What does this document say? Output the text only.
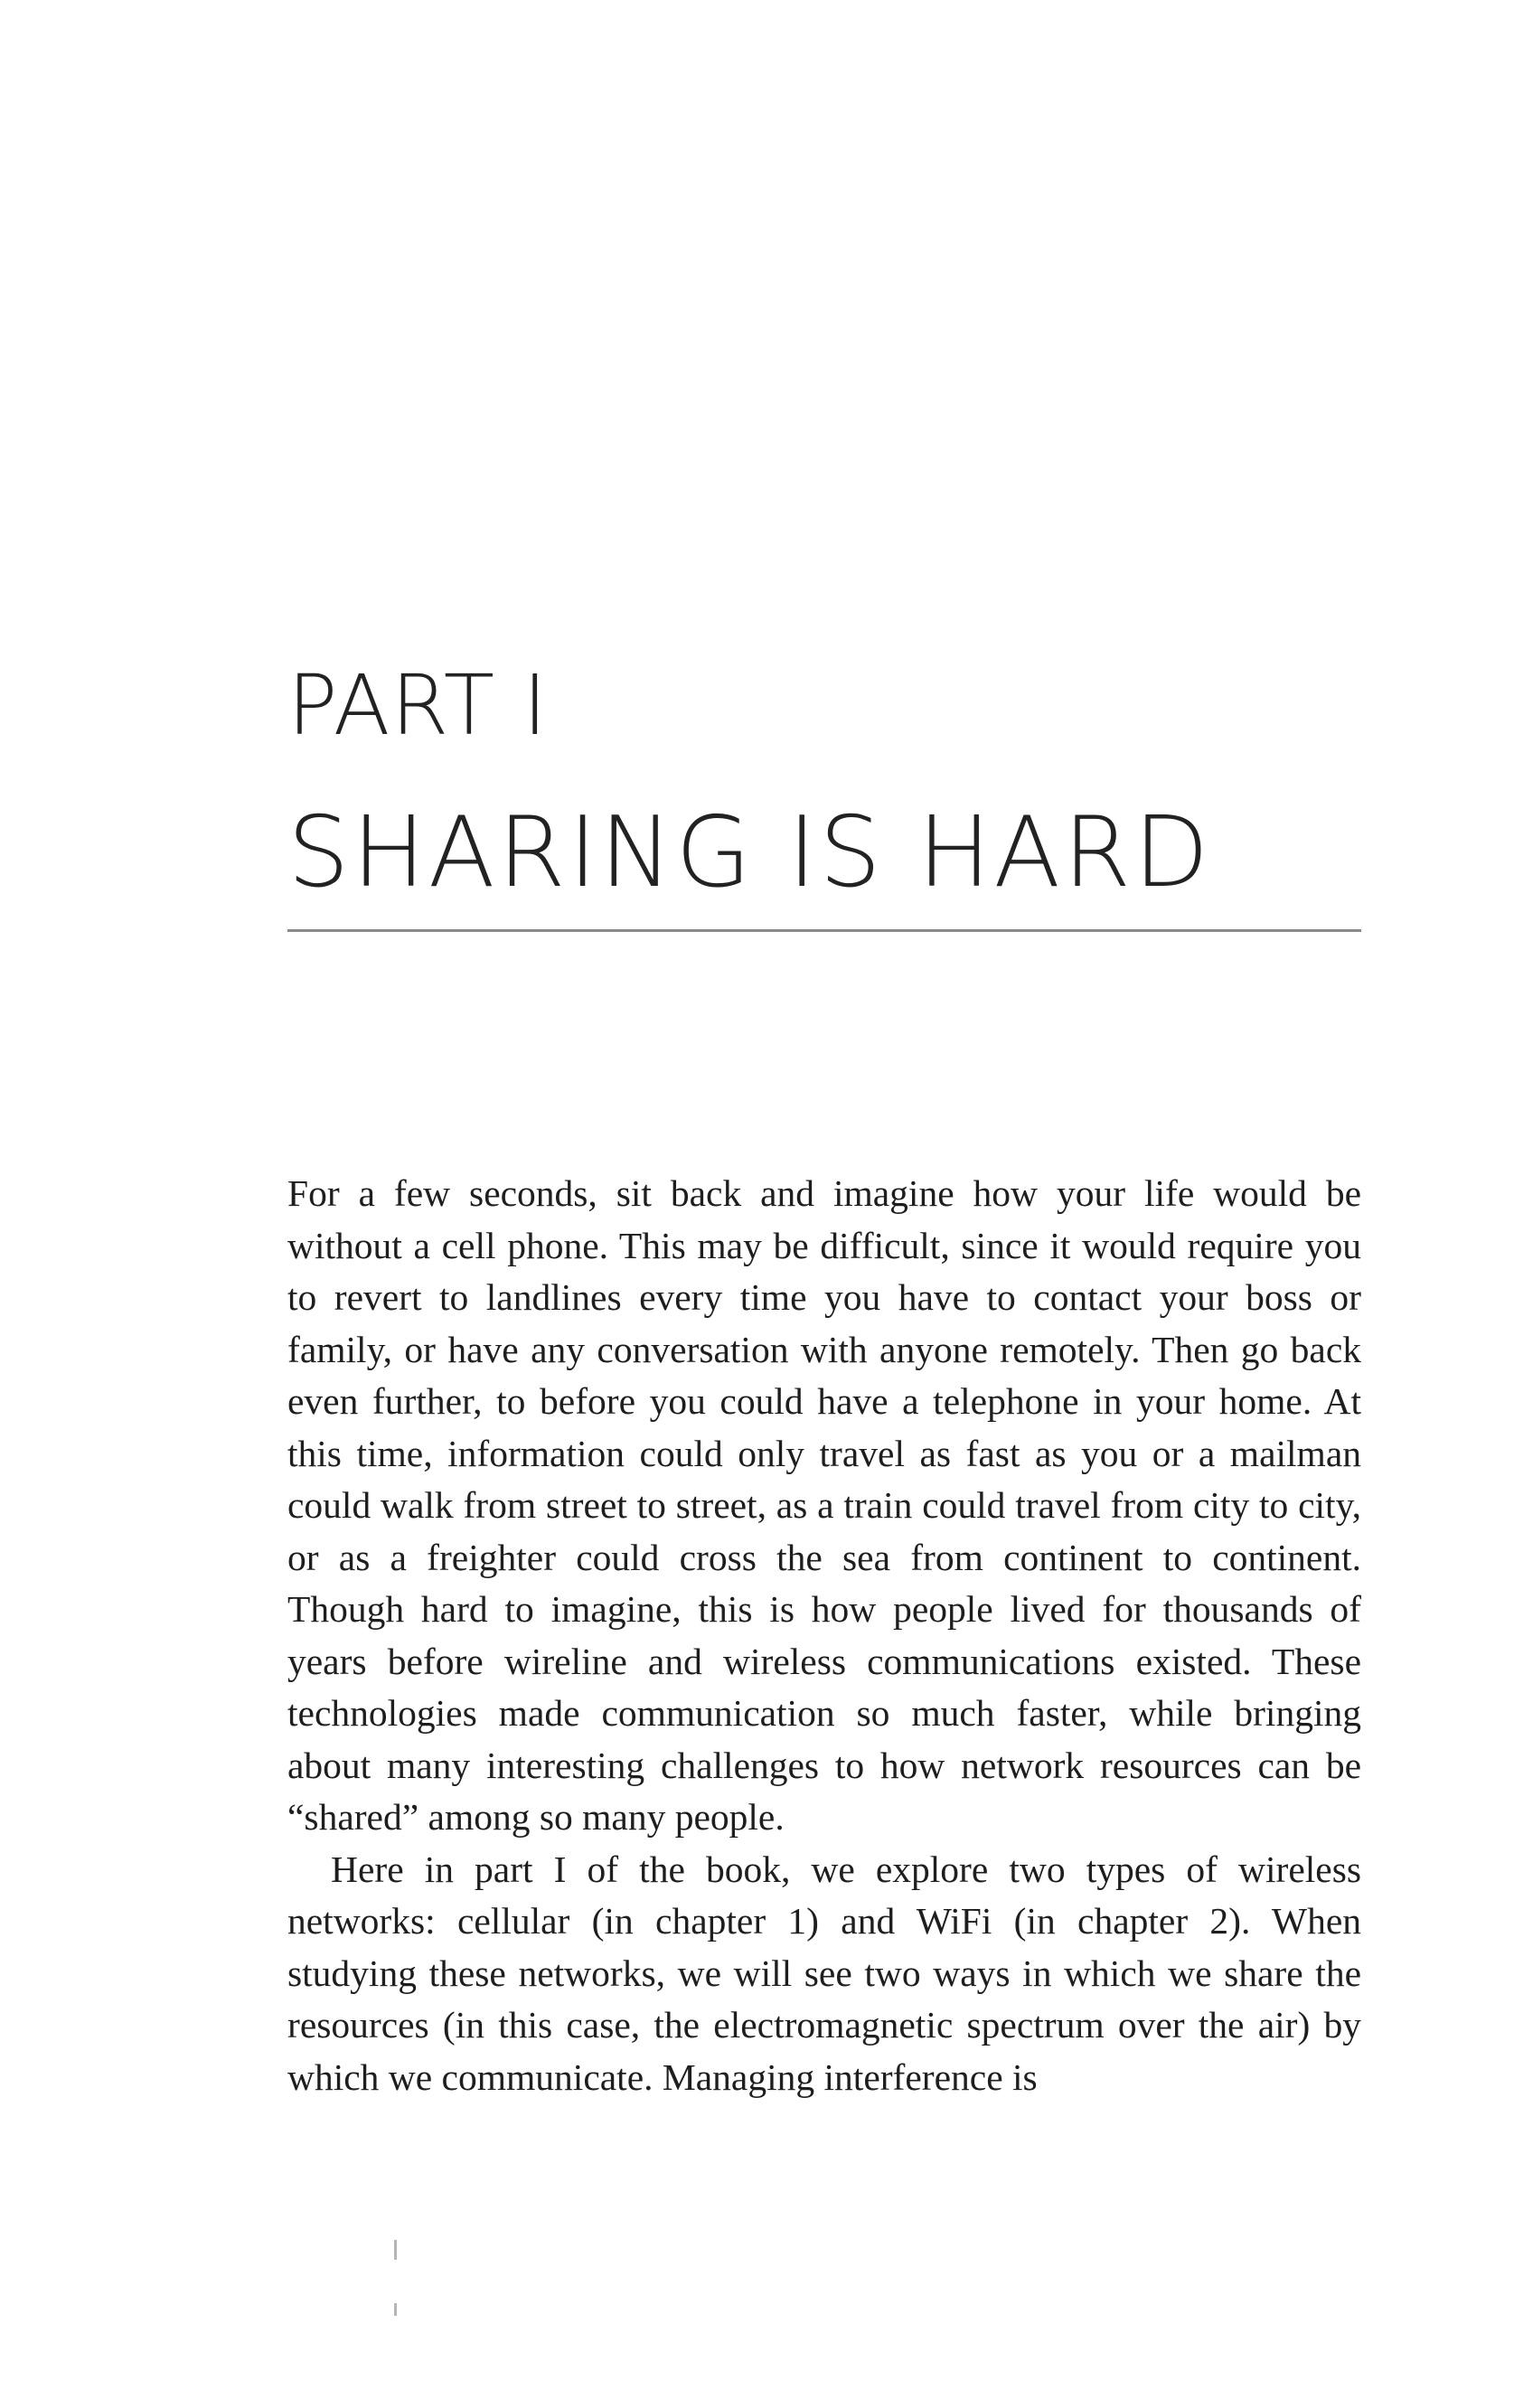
PART I
SHARING IS HARD

For a few seconds, sit back and imagine how your life would be without a cell phone. This may be difficult, since it would require you to revert to landlines every time you have to contact your boss or family, or have any conversation with anyone remotely. Then go back even further, to before you could have a telephone in your home. At this time, information could only travel as fast as you or a mailman could walk from street to street, as a train could travel from city to city, or as a freighter could cross the sea from continent to continent. Though hard to imagine, this is how people lived for thousands of years before wireline and wireless communications existed. These technologies made communication so much faster, while bringing about many interesting challenges to how network resources can be “shared” among so many people.

Here in part I of the book, we explore two types of wireless networks: cellular (in chapter 1) and WiFi (in chapter 2). When studying these networks, we will see two ways in which we share the resources (in this case, the electromagnetic spectrum over the air) by which we communicate. Managing interference is
